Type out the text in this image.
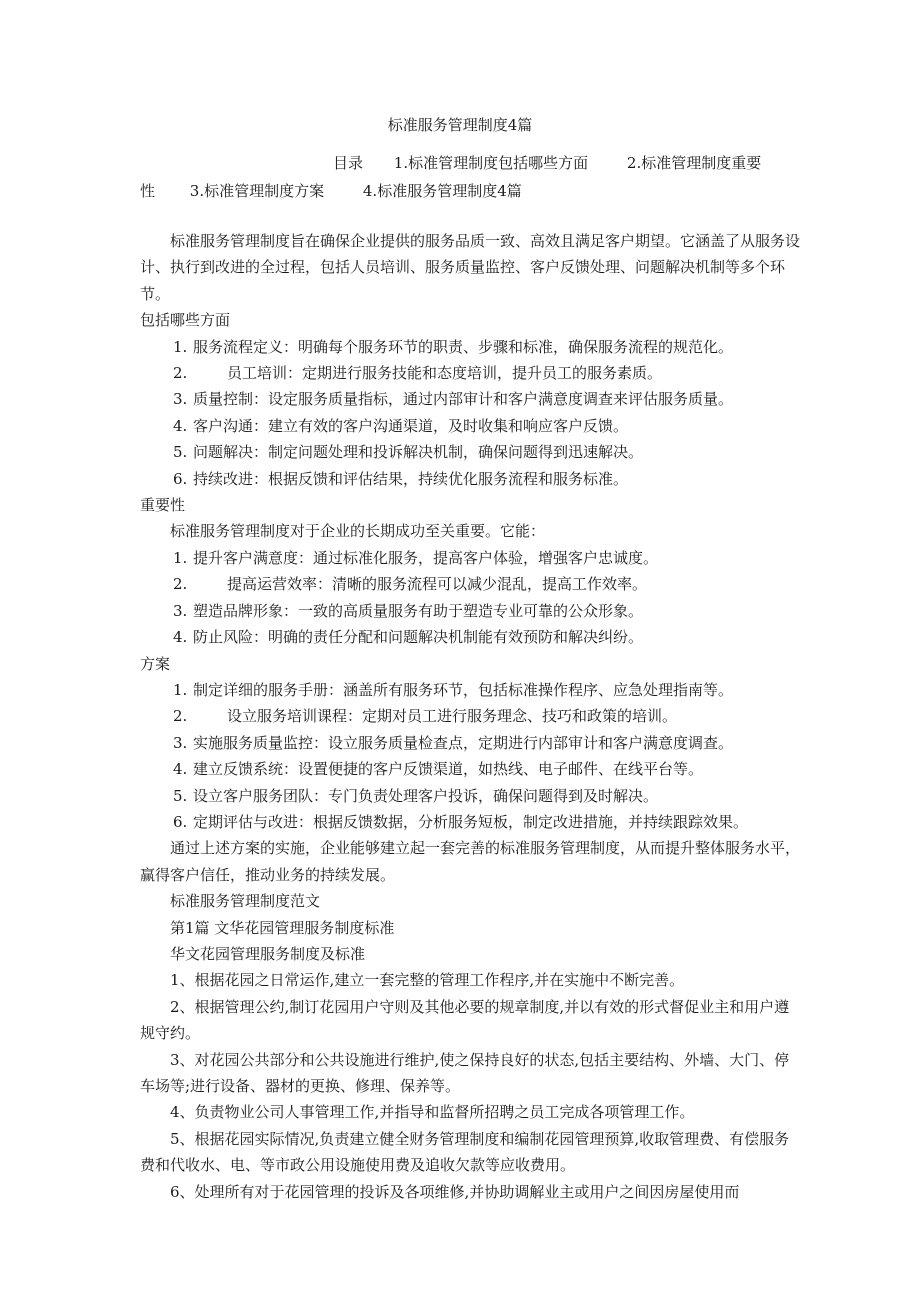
标准服务管理制度4篇
目录 1.标准管理制度包括哪些方面	2.标准管理制度重要
性 3.标准管理制度方案	4.标准服务管理制度4篇

标准服务管理制度旨在确保企业提供的服务品质一致、高效且满足客户期望。它涵盖了从服务设计、执行到改进的全过程，包括人员培训、服务质量监控、客户反馈处理、问题解决机制等多个环节。

包括哪些方面

1. 服务流程定义：明确每个服务环节的职责、步骤和标准，确保服务流程的规范化。

2.	员工培训：定期进行服务技能和态度培训，提升员工的服务素质。

3. 质量控制：设定服务质量指标，通过内部审计和客户满意度调查来评估服务质量。

4. 客户沟通：建立有效的客户沟通渠道，及时收集和响应客户反馈。

5. 问题解决：制定问题处理和投诉解决机制，确保问题得到迅速解决。

6. 持续改进：根据反馈和评估结果，持续优化服务流程和服务标准。

重要性

标准服务管理制度对于企业的长期成功至关重要。它能：

1. 提升客户满意度：通过标准化服务，提高客户体验，增强客户忠诚度。

2.	提高运营效率：清晰的服务流程可以减少混乱，提高工作效率。

3. 塑造品牌形象：一致的高质量服务有助于塑造专业可靠的公众形象。

4. 防止风险：明确的责任分配和问题解决机制能有效预防和解决纠纷。

方案

1. 制定详细的服务手册：涵盖所有服务环节，包括标准操作程序、应急处理指南等。

2.	设立服务培训课程：定期对员工进行服务理念、技巧和政策的培训。

3. 实施服务质量监控：设立服务质量检查点，定期进行内部审计和客户满意度调查。

4. 建立反馈系统：设置便捷的客户反馈渠道，如热线、电子邮件、在线平台等。

5. 设立客户服务团队：专门负责处理客户投诉，确保问题得到及时解决。

6. 定期评估与改进：根据反馈数据，分析服务短板，制定改进措施，并持续跟踪效果。

通过上述方案的实施，企业能够建立起一套完善的标准服务管理制度，从而提升整体服务水平，赢得客户信任，推动业务的持续发展。

标准服务管理制度范文

第1篇 文华花园管理服务制度标准

华文花园管理服务制度及标准

1、根据花园之日常运作,建立一套完整的管理工作程序,并在实施中不断完善。

2、根据管理公约,制订花园用户守则及其他必要的规章制度,并以有效的形式督促业主和用户遵规守约。

3、对花园公共部分和公共设施进行维护,使之保持良好的状态,包括主要结构、外墙、大门、停车场等;进行设备、器材的更换、修理、保养等。

4、负责物业公司人事管理工作,并指导和监督所招聘之员工完成各项管理工作。

5、根据花园实际情况,负责建立健全财务管理制度和编制花园管理预算,收取管理费、有偿服务费和代收水、电、等市政公用设施使用费及追收欠款等应收费用。

6、处理所有对于花园管理的投诉及各项维修,并协助调解业主或用户之间因房屋使用而
